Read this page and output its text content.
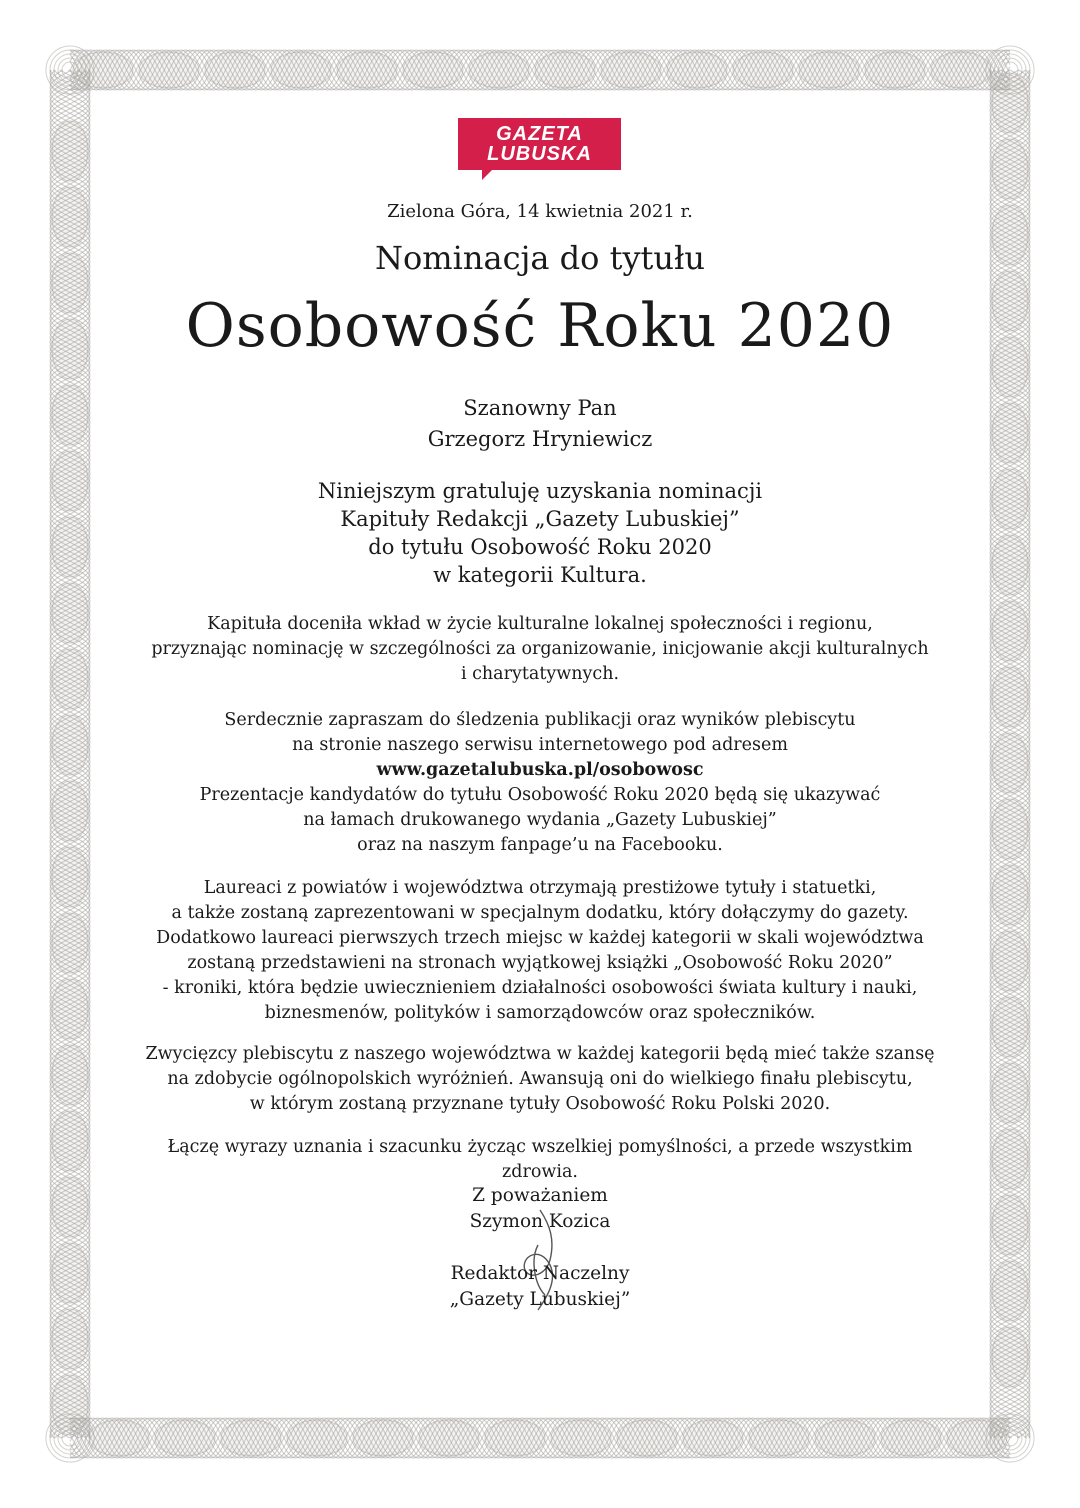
GAZETA
LUBUSKA

Zielona Góra, 14 kwietnia 2021 r.

Nominacja do tytułu
Osobowość Roku 2020
Szanowny Pan
Grzegorz Hryniewicz
Niniejszym gratuluję uzyskania nominacji
Kapituły Redakcji „Gazety Lubuskiej”
do tytułu Osobowość Roku 2020
w kategorii Kultura.
Kapituła doceniła wkład w życie kulturalne lokalnej społeczności i regionu,
przyznając nominację w szczególności za organizowanie, inicjowanie akcji kulturalnych
i charytatywnych.
Serdecznie zapraszam do śledzenia publikacji oraz wyników plebiscytu
na stronie naszego serwisu internetowego pod adresem
www.gazetalubuska.pl/osobowosc
Prezentacje kandydatów do tytułu Osobowość Roku 2020 będą się ukazywać
na łamach drukowanego wydania „Gazety Lubuskiej”
oraz na naszym fanpage’u na Facebooku.
Laureaci z powiatów i województwa otrzymają prestiżowe tytuły i statuetki,
a także zostaną zaprezentowani w specjalnym dodatku, który dołączymy do gazety.
Dodatkowo laureaci pierwszych trzech miejsc w każdej kategorii w skali województwa
zostaną przedstawieni na stronach wyjątkowej książki „Osobowość Roku 2020”
- kroniki, która będzie uwiecznieniem działalności osobowości świata kultury i nauki,
biznesmenów, polityków i samorządowców oraz społeczników.
Zwycięzcy plebiscytu z naszego województwa w każdej kategorii będą mieć także szansę
na zdobycie ogólnopolskich wyróżnień. Awansują oni do wielkiego finału plebiscytu,
w którym zostaną przyznane tytuły Osobowość Roku Polski 2020.

Łączę wyrazy uznania i szacunku życząc wszelkiej pomyślności, a przede wszystkim zdrowia.

Z poważaniem
Szymon Kozica
Redaktor Naczelny
„Gazety Lubuskiej”
